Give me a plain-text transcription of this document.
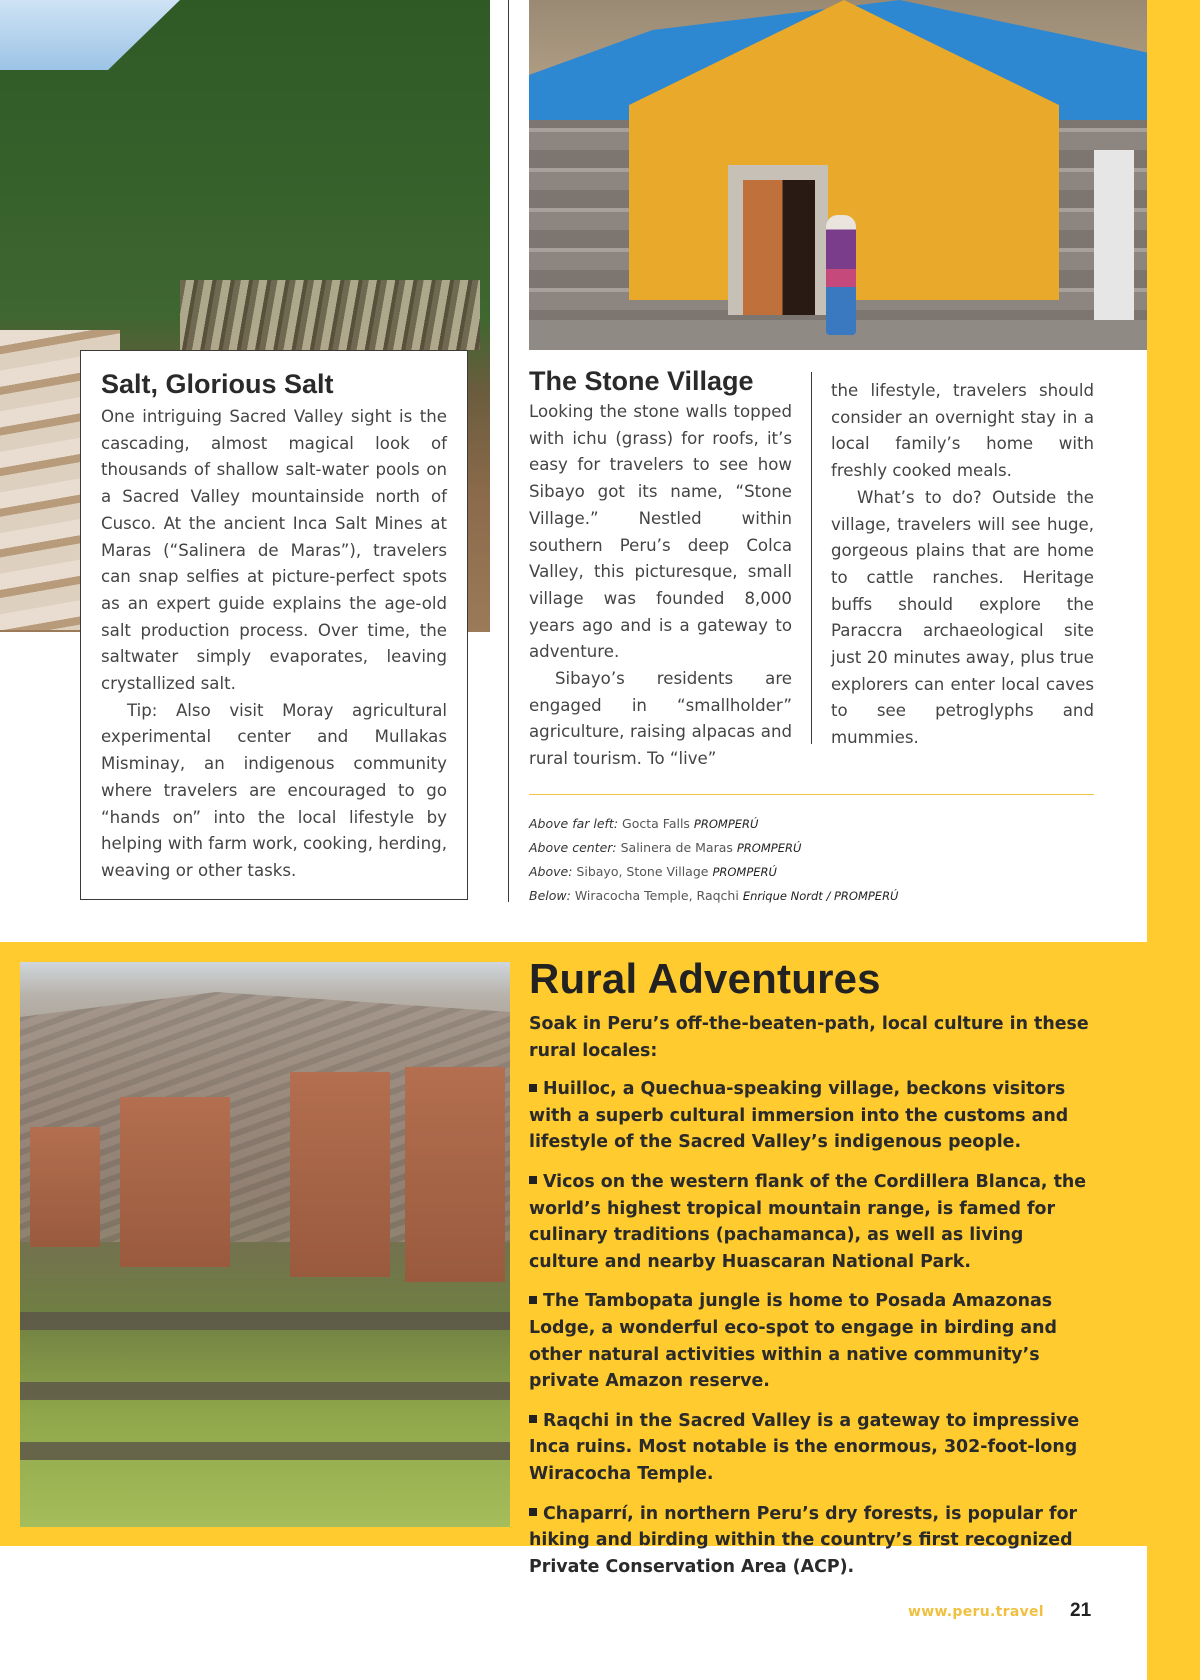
Salt, Glorious Salt

One intriguing Sacred Valley sight is the cascading, almost magical look of thousands of shallow salt-water pools on a Sacred Valley mountainside north of Cusco. At the ancient Inca Salt Mines at Maras (“Salinera de Maras”), travelers can snap selfies at picture-perfect spots as an expert guide explains the age-old salt production process. Over time, the saltwater simply evaporates, leaving crystallized salt.

Tip: Also visit Moray agricultural experimental center and Mullakas Misminay, an indigenous community where travelers are encouraged to go “hands on” into the local lifestyle by helping with farm work, cooking, herding, weaving or other tasks.

The Stone Village

Looking the stone walls topped with ichu (grass) for roofs, it’s easy for travelers to see how Sibayo got its name, “Stone Village.” Nestled within southern Peru’s deep Colca Valley, this picturesque, small village was founded 8,000 years ago and is a gateway to adventure.

Sibayo’s residents are engaged in “smallholder” agriculture, raising alpacas and rural tourism. To “live”

the lifestyle, travelers should consider an overnight stay in a local family’s home with freshly cooked meals.

What’s to do? Outside the village, travelers will see huge, gorgeous plains that are home to cattle ranches. Heritage buffs should explore the Paraccra archaeological site just 20 minutes away, plus true explorers can enter local caves to see petroglyphs and mummies.

Above far left: Gocta Falls PROMPERÚ
Above center: Salinera de Maras PROMPERÚ
Above: Sibayo, Stone Village PROMPERÚ
Below: Wiracocha Temple, Raqchi Enrique Nordt / PROMPERÚ
Rural Adventures

Soak in Peru’s off-the-beaten-path, local culture in these rural locales:

Huilloc, a Quechua-speaking village, beckons visitors with a superb cultural immersion into the customs and lifestyle of the Sacred Valley’s indigenous people.
Vicos on the western flank of the Cordillera Blanca, the world’s highest tropical mountain range, is famed for culinary traditions (pachamanca), as well as living culture and nearby Huascaran National Park.
The Tambopata jungle is home to Posada Amazonas Lodge, a wonderful eco-spot to engage in birding and other natural activities within a native community’s private Amazon reserve.
Raqchi in the Sacred Valley is a gateway to impressive Inca ruins. Most notable is the enormous, 302-foot-long Wiracocha Temple.
Chaparrí, in northern Peru’s dry forests, is popular for hiking and birding within the country’s first recognized Private Conservation Area (ACP).
www.peru.travel 21
